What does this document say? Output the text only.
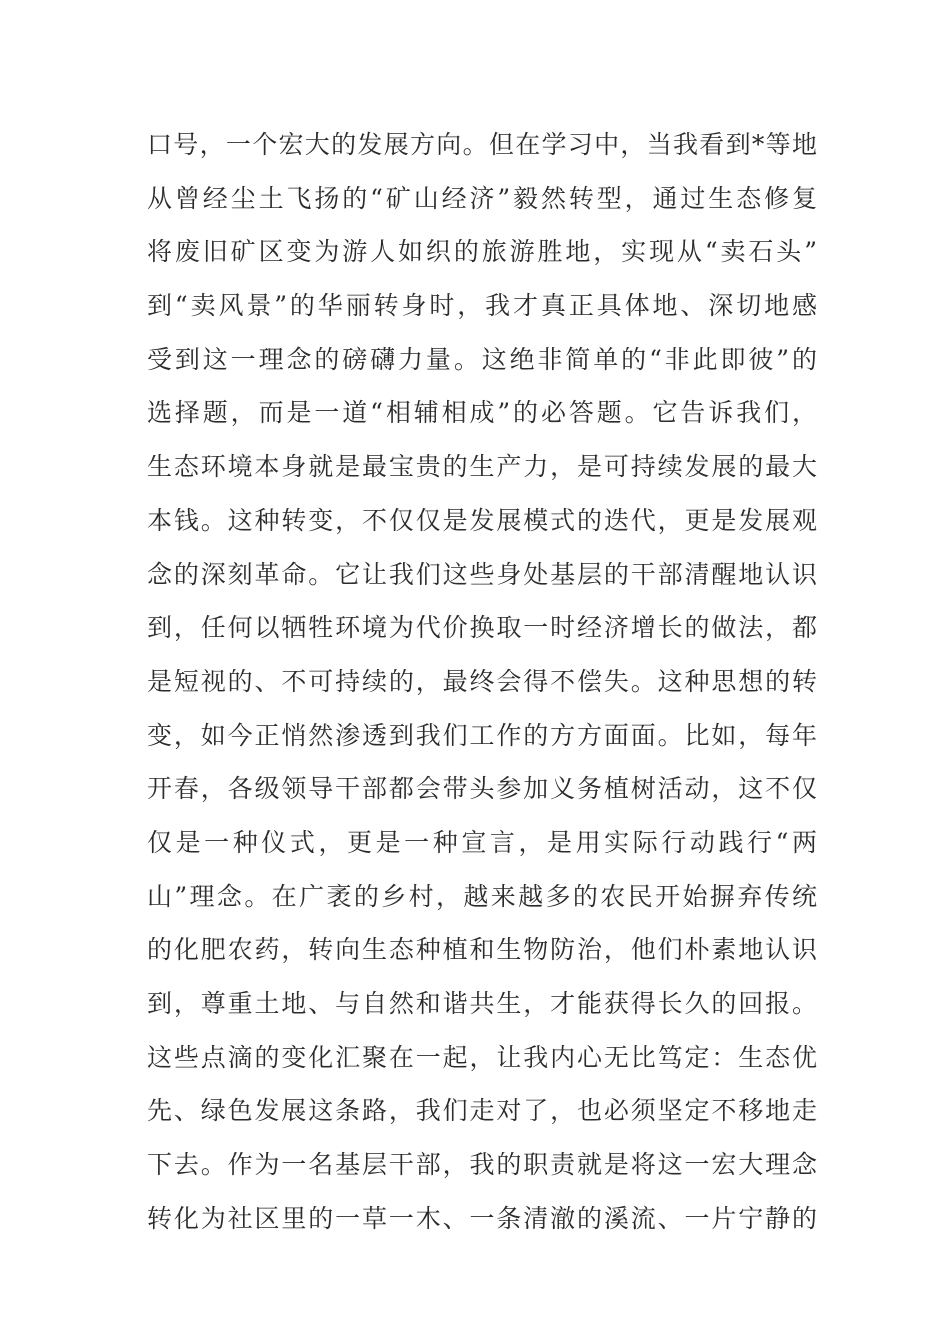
口号，一个宏大的发展方向。但在学习中，当我看到*等地
从曾经尘土飞扬的“矿山经济”毅然转型，通过生态修复
将废旧矿区变为游人如织的旅游胜地，实现从“卖石头”
到“卖风景”的华丽转身时，我才真正具体地、深切地感
受到这一理念的磅礴力量。这绝非简单的“非此即彼”的
选择题，而是一道“相辅相成”的必答题。它告诉我们，
生态环境本身就是最宝贵的生产力，是可持续发展的最大
本钱。这种转变，不仅仅是发展模式的迭代，更是发展观
念的深刻革命。它让我们这些身处基层的干部清醒地认识
到，任何以牺牲环境为代价换取一时经济增长的做法，都
是短视的、不可持续的，最终会得不偿失。这种思想的转
变，如今正悄然渗透到我们工作的方方面面。比如，每年
开春，各级领导干部都会带头参加义务植树活动，这不仅
仅是一种仪式，更是一种宣言，是用实际行动践行“两
山”理念。在广袤的乡村，越来越多的农民开始摒弃传统
的化肥农药，转向生态种植和生物防治，他们朴素地认识
到，尊重土地、与自然和谐共生，才能获得长久的回报。
这些点滴的变化汇聚在一起，让我内心无比笃定：生态优
先、绿色发展这条路，我们走对了，也必须坚定不移地走
下去。作为一名基层干部，我的职责就是将这一宏大理念
转化为社区里的一草一木、一条清澈的溪流、一片宁静的
